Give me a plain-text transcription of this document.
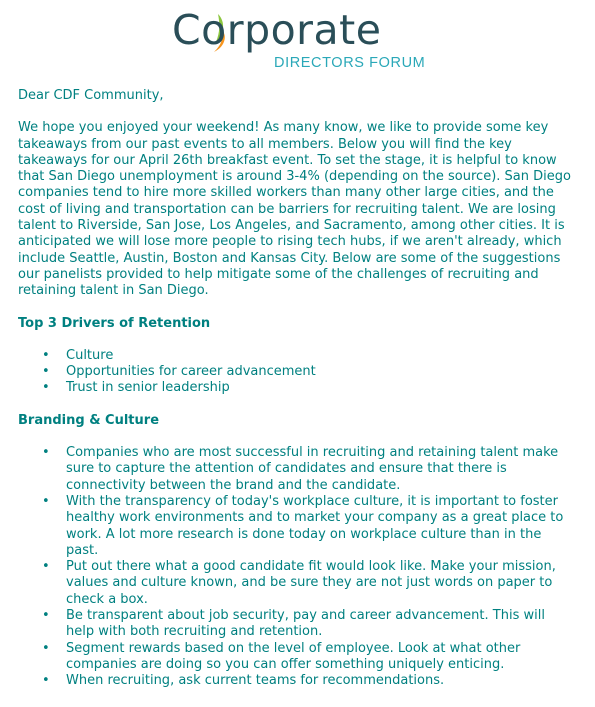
Corporate
DIRECTORS FORUM

Dear CDF Community,

We hope you enjoyed your weekend! As many know, we like to provide some key takeaways from our past events to all members. Below you will find the key takeaways for our April 26th breakfast event. To set the stage, it is helpful to know that San Diego unemployment is around 3-4% (depending on the source). San Diego companies tend to hire more skilled workers than many other large cities, and the cost of living and transportation can be barriers for recruiting talent. We are losing talent to Riverside, San Jose, Los Angeles, and Sacramento, among other cities. It is anticipated we will lose more people to rising tech hubs, if we aren't already, which include Seattle, Austin, Boston and Kansas City. Below are some of the suggestions our panelists provided to help mitigate some of the challenges of recruiting and retaining talent in San Diego.

Top 3 Drivers of Retention
• Culture
• Opportunities for career advancement
• Trust in senior leadership
Branding & Culture
• Companies who are most successful in recruiting and retaining talent make sure to capture the attention of candidates and ensure that there is connectivity between the brand and the candidate.
• With the transparency of today's workplace culture, it is important to foster healthy work environments and to market your company as a great place to work. A lot more research is done today on workplace culture than in the past.
• Put out there what a good candidate fit would look like. Make your mission, values and culture known, and be sure they are not just words on paper to check a box.
• Be transparent about job security, pay and career advancement. This will help with both recruiting and retention.
• Segment rewards based on the level of employee. Look at what other companies are doing so you can offer something uniquely enticing.
• When recruiting, ask current teams for recommendations.
